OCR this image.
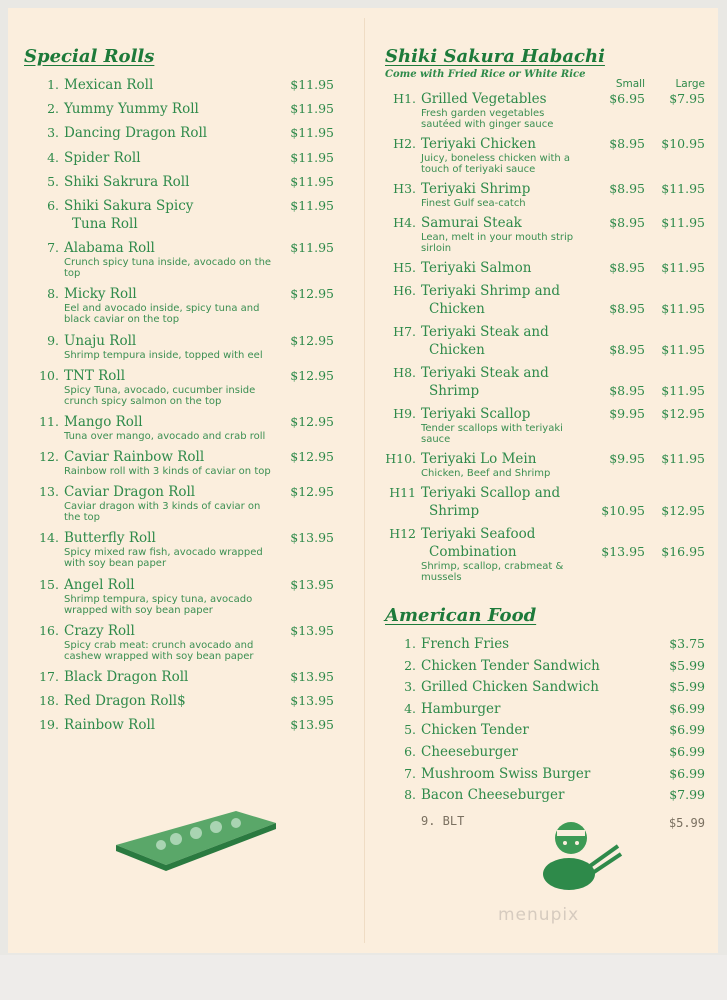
Special Rolls
1. Mexican Roll	$11.95
2. Yummy Yummy Roll	$11.95
3. Dancing Dragon Roll	$11.95
4. Spider Roll	$11.95
5. Shiki Sakrura Roll	$11.95
6. Shiki Sakura Spicy
Tuna Roll
$11.95
7. Alabama Roll
Crunch spicy tuna inside, avocado on the top
$11.95
8. Micky Roll
Eel and avocado inside, spicy tuna and black caviar on the top
$12.95
9. Unaju Roll
Shrimp tempura inside, topped with eel
$12.95
10. TNT Roll
Spicy Tuna, avocado, cucumber inside crunch spicy salmon on the top
$12.95
11. Mango Roll
Tuna over mango, avocado and crab roll
$12.95
12. Caviar Rainbow Roll
Rainbow roll with 3 kinds of caviar on top
$12.95
13. Caviar Dragon Roll
Caviar dragon with 3 kinds of caviar on the top
$12.95
14. Butterfly Roll
Spicy mixed raw fish, avocado wrapped with soy bean paper
$13.95
15. Angel Roll
Shrimp tempura, spicy tuna, avocado wrapped with soy bean paper
$13.95
16. Crazy Roll
Spicy crab meat: crunch avocado and cashew wrapped with soy bean paper
$13.95
17. Black Dragon Roll	$13.95
18. Red Dragon Roll$	$13.95
19. Rainbow Roll	$13.95
Shiki Sakura Habachi
Come with Fried Rice or White Rice
Small	Large
H1. Grilled Vegetables
Fresh garden vegetables sautéed with ginger sauce
$6.95	$7.95
H2. Teriyaki Chicken
Juicy, boneless chicken with a touch of teriyaki sauce
$8.95	$10.95
H3. Teriyaki Shrimp
Finest Gulf sea-catch
$8.95	$11.95
H4. Samurai Steak
Lean, melt in your mouth strip sirloin
$8.95	$11.95
H5. Teriyaki Salmon	$8.95	$11.95
H6. Teriyaki Shrimp and
Chicken	$8.95	$11.95
H7. Teriyaki Steak and
Chicken	$8.95	$11.95
H8. Teriyaki Steak and
Shrimp	$8.95	$11.95
H9. Teriyaki Scallop
Tender scallops with teriyaki sauce
$9.95	$12.95
H10. Teriyaki Lo Mein
Chicken, Beef and Shrimp
$9.95	$11.95
H11 Teriyaki Scallop and
Shrimp	$10.95	$12.95
H12 Teriyaki Seafood
Combination
Shrimp, scallop, crabmeat & mussels
$13.95	$16.95
American Food
1. French Fries	$3.75
2. Chicken Tender Sandwich	$5.99
3. Grilled Chicken Sandwich	$5.99
4. Hamburger	$6.99
5. Chicken Tender	$6.99
6. Cheeseburger	$6.99
7. Mushroom Swiss Burger	$6.99
8. Bacon Cheeseburger	$7.99
9. BLT	$5.99
menupix
